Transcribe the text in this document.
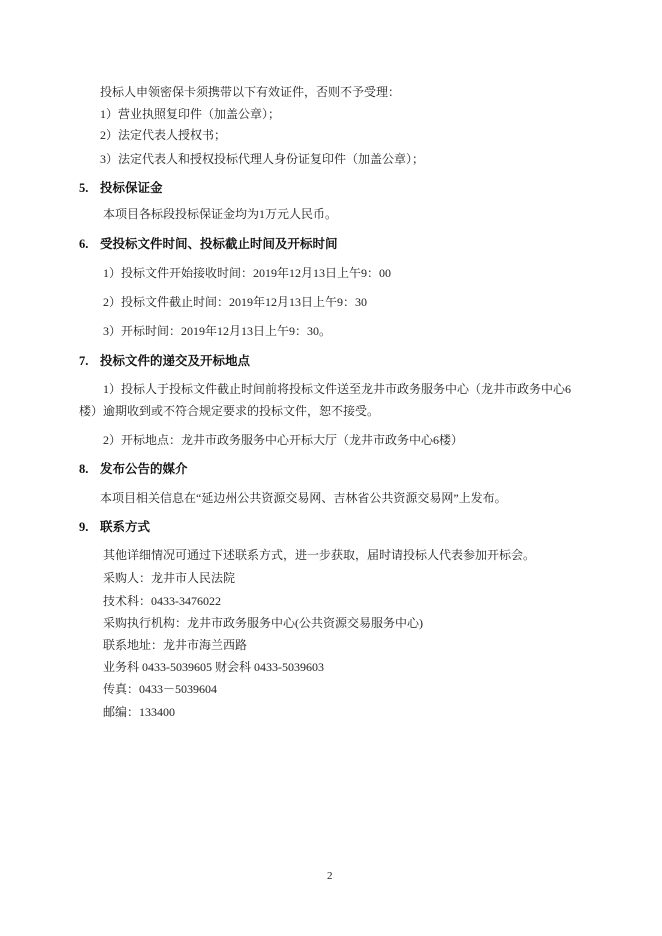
投标人申领密保卡须携带以下有效证件，否则不予受理：
1）营业执照复印件（加盖公章）；
2）法定代表人授权书；
3）法定代表人和授权投标代理人身份证复印件（加盖公章）；
5. 投标保证金
本项目各标段投标保证金均为1万元人民币。
6. 受投标文件时间、投标截止时间及开标时间
1）投标文件开始接收时间：2019年12月13日上午9：00
2）投标文件截止时间：2019年12月13日上午9：30
3）开标时间：2019年12月13日上午9：30。
7. 投标文件的递交及开标地点
1）投标人于投标文件截止时间前将投标文件送至龙井市政务服务中心（龙井市政务中心6
楼）逾期收到或不符合规定要求的投标文件，恕不接受。
2）开标地点：龙井市政务服务中心开标大厅（龙井市政务中心6楼）
8. 发布公告的媒介
本项目相关信息在“延边州公共资源交易网、吉林省公共资源交易网”上发布。
9. 联系方式
其他详细情况可通过下述联系方式，进一步获取，届时请投标人代表参加开标会。
采购人：龙井市人民法院
技术科：0433-3476022
采购执行机构：龙井市政务服务中心(公共资源交易服务中心)
联系地址：龙井市海兰西路
业务科 0433-5039605 财会科 0433-5039603
传真：0433－5039604
邮编：133400
2
